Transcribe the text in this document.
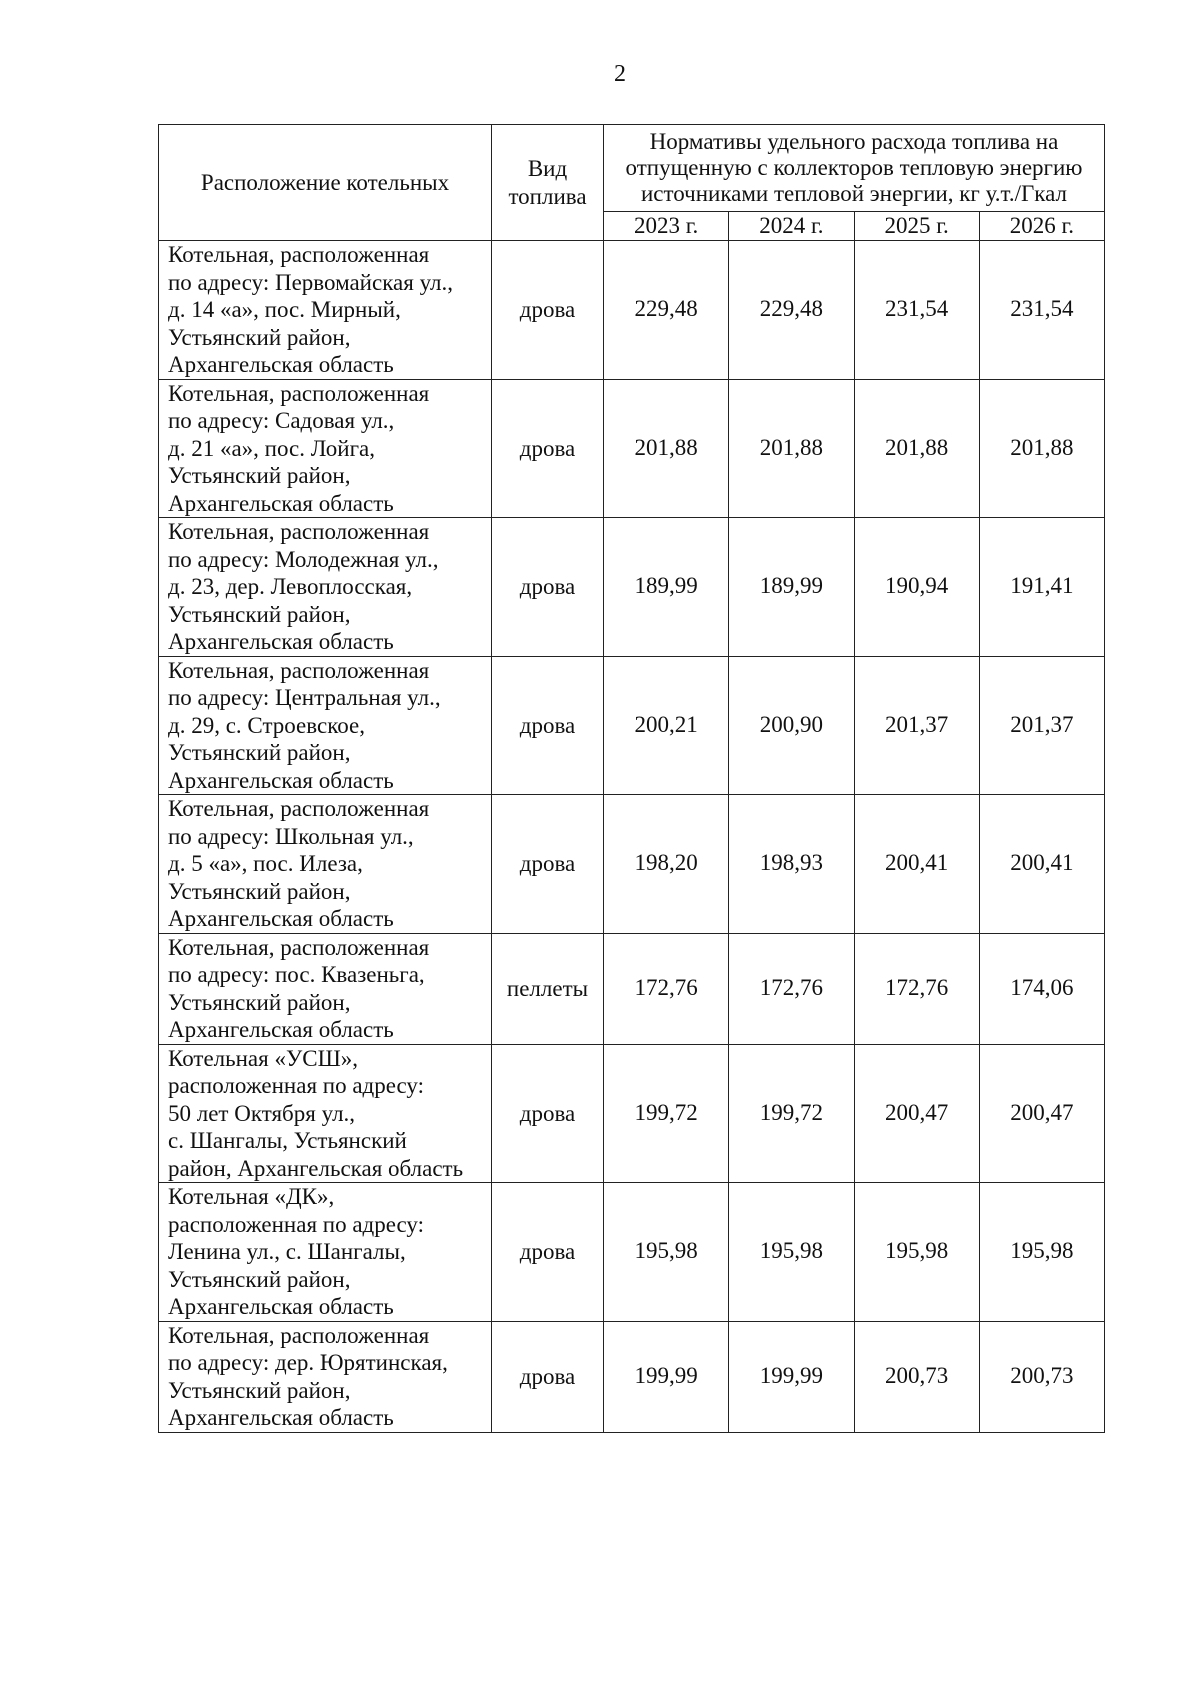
2
Расположение котельных	Вид топлива	Нормативы удельного расхода топлива на отпущенную с коллекторов тепловую энергию источниками тепловой энергии, кг у.т./Гкал			
		2023 г.	2024 г.	2025 г.	2026 г.
Котельная, расположенная
по адресу: Первомайская ул.,
д. 14 «а», пос. Мирный,
Устьянский район,
Архангельская область	дрова	229,48	229,48	231,54	231,54
Котельная, расположенная
по адресу: Садовая ул.,
д. 21 «а», пос. Лойга,
Устьянский район,
Архангельская область	дрова	201,88	201,88	201,88	201,88
Котельная, расположенная
по адресу: Молодежная ул.,
д. 23, дер. Левоплосская,
Устьянский район,
Архангельская область	дрова	189,99	189,99	190,94	191,41
Котельная, расположенная
по адресу: Центральная ул.,
д. 29, с. Строевское,
Устьянский район,
Архангельская область	дрова	200,21	200,90	201,37	201,37
Котельная, расположенная
по адресу: Школьная ул.,
д. 5 «а», пос. Илеза,
Устьянский район,
Архангельская область	дрова	198,20	198,93	200,41	200,41
Котельная, расположенная
по адресу: пос. Квазеньга,
Устьянский район,
Архангельская область	пеллеты	172,76	172,76	172,76	174,06
Котельная «УСШ»,
расположенная по адресу:
50 лет Октября ул.,
с. Шангалы, Устьянский
район, Архангельская область	дрова	199,72	199,72	200,47	200,47
Котельная «ДК»,
расположенная по адресу:
Ленина ул., с. Шангалы,
Устьянский район,
Архангельская область	дрова	195,98	195,98	195,98	195,98
Котельная, расположенная
по адресу: дер. Юрятинская,
Устьянский район,
Архангельская область	дрова	199,99	199,99	200,73	200,73
